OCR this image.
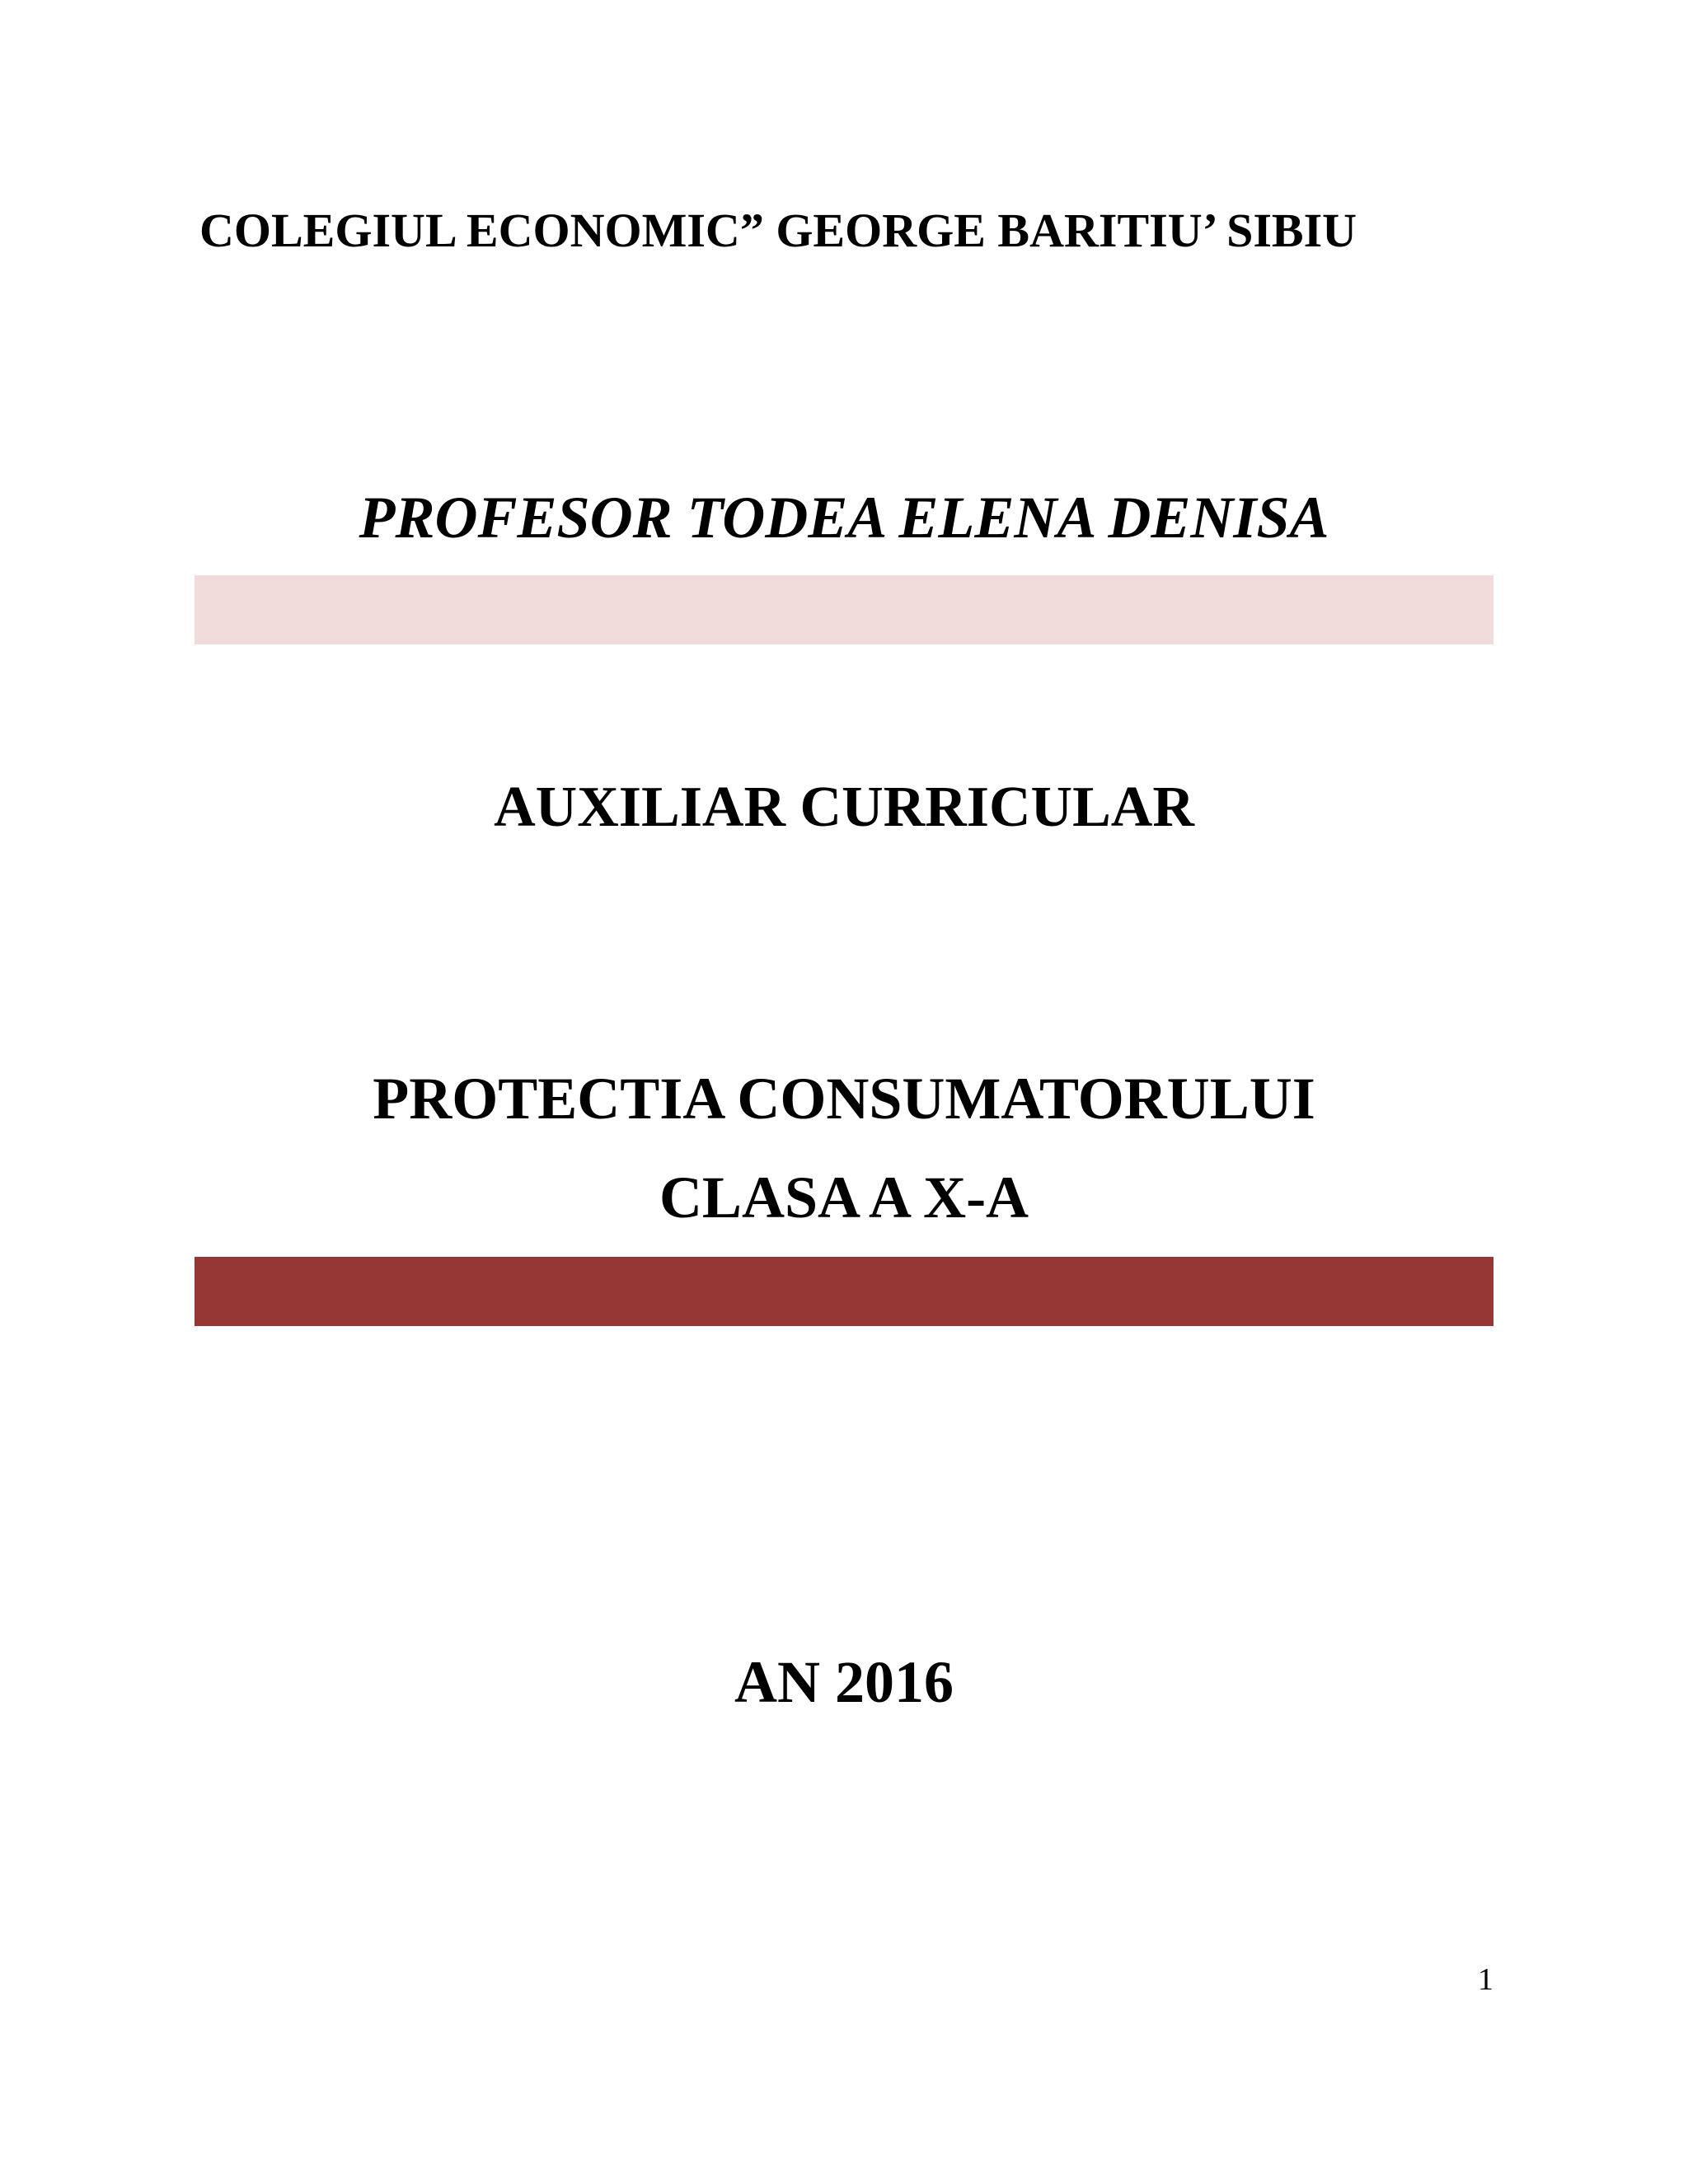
COLEGIUL ECONOMIC” GEORGE BARITIU’ SIBIU
PROFESOR TODEA ELENA DENISA
AUXILIAR CURRICULAR
PROTECTIA CONSUMATORULUI
CLASA A X-A
AN 2016
1
